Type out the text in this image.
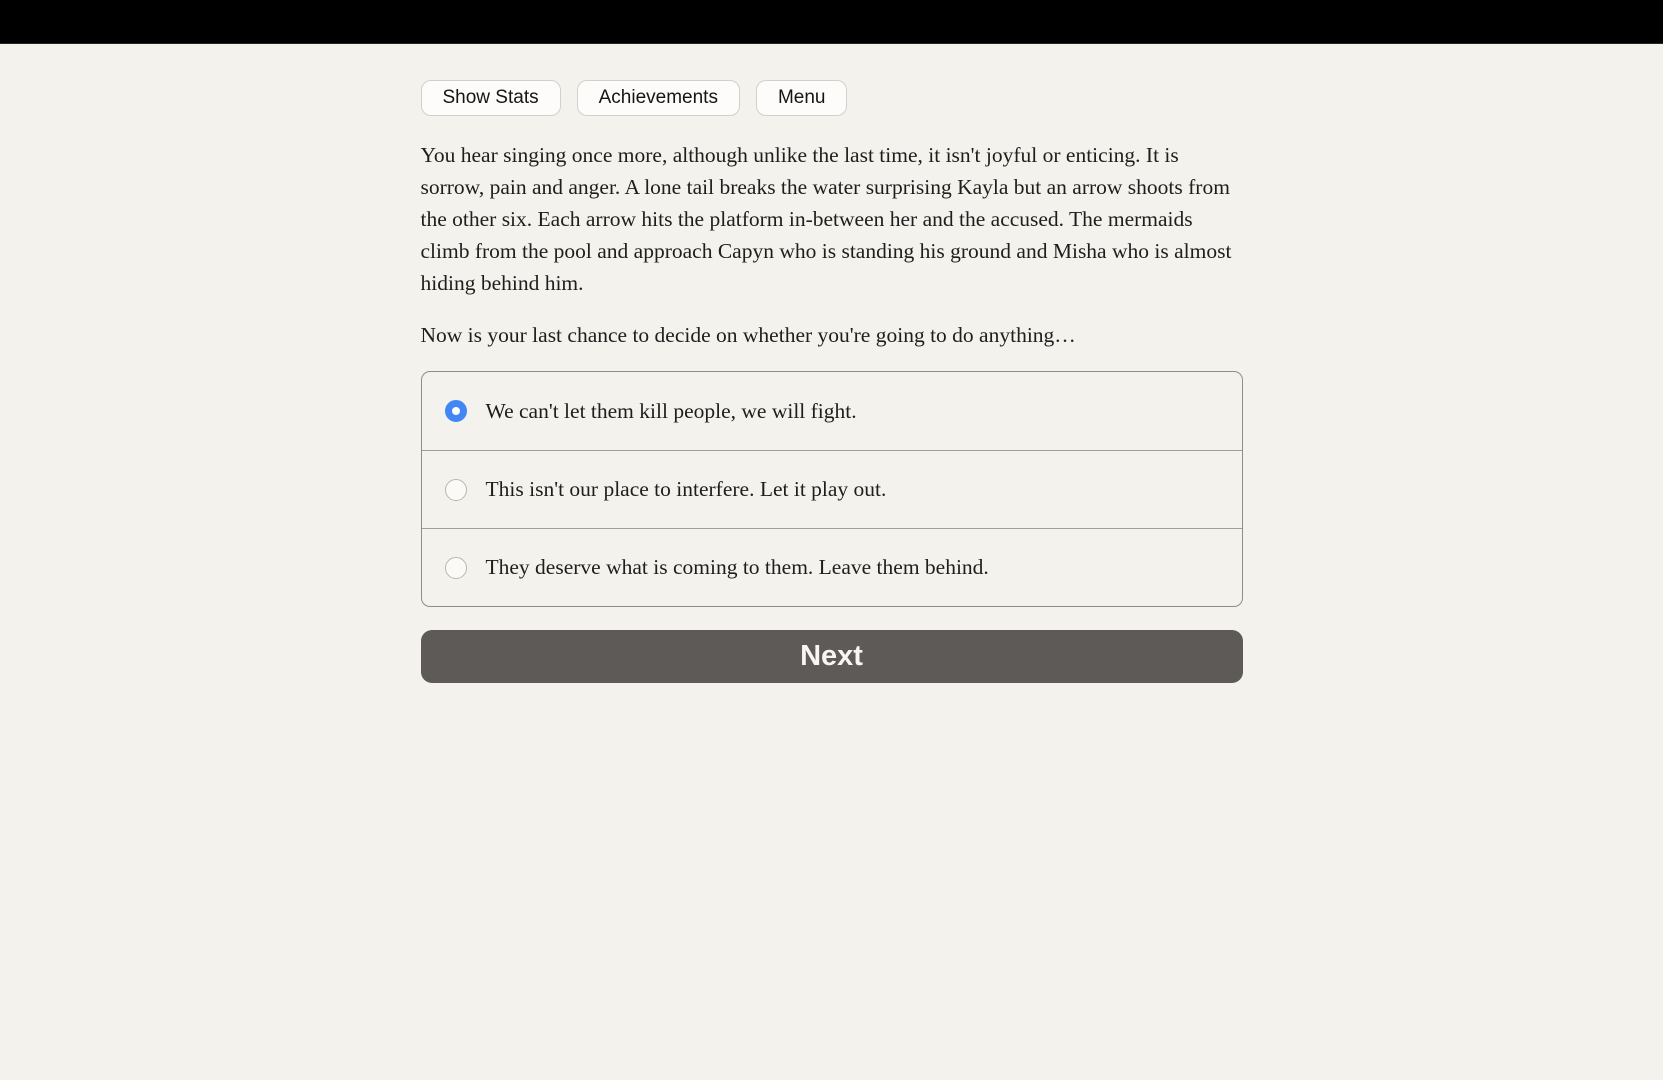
Show Stats	Achievements	Menu

You hear singing once more, although unlike the last time, it isn't joyful or enticing. It is sorrow, pain and anger. A lone tail breaks the water surprising Kayla but an arrow shoots from the other six. Each arrow hits the platform in-between her and the accused. The mermaids climb from the pool and approach Capyn who is standing his ground and Misha who is almost hiding behind him.

Now is your last chance to decide on whether you're going to do anything…

We can't let them kill people, we will fight.
This isn't our place to interfere. Let it play out.
They deserve what is coming to them. Leave them behind.
Next
